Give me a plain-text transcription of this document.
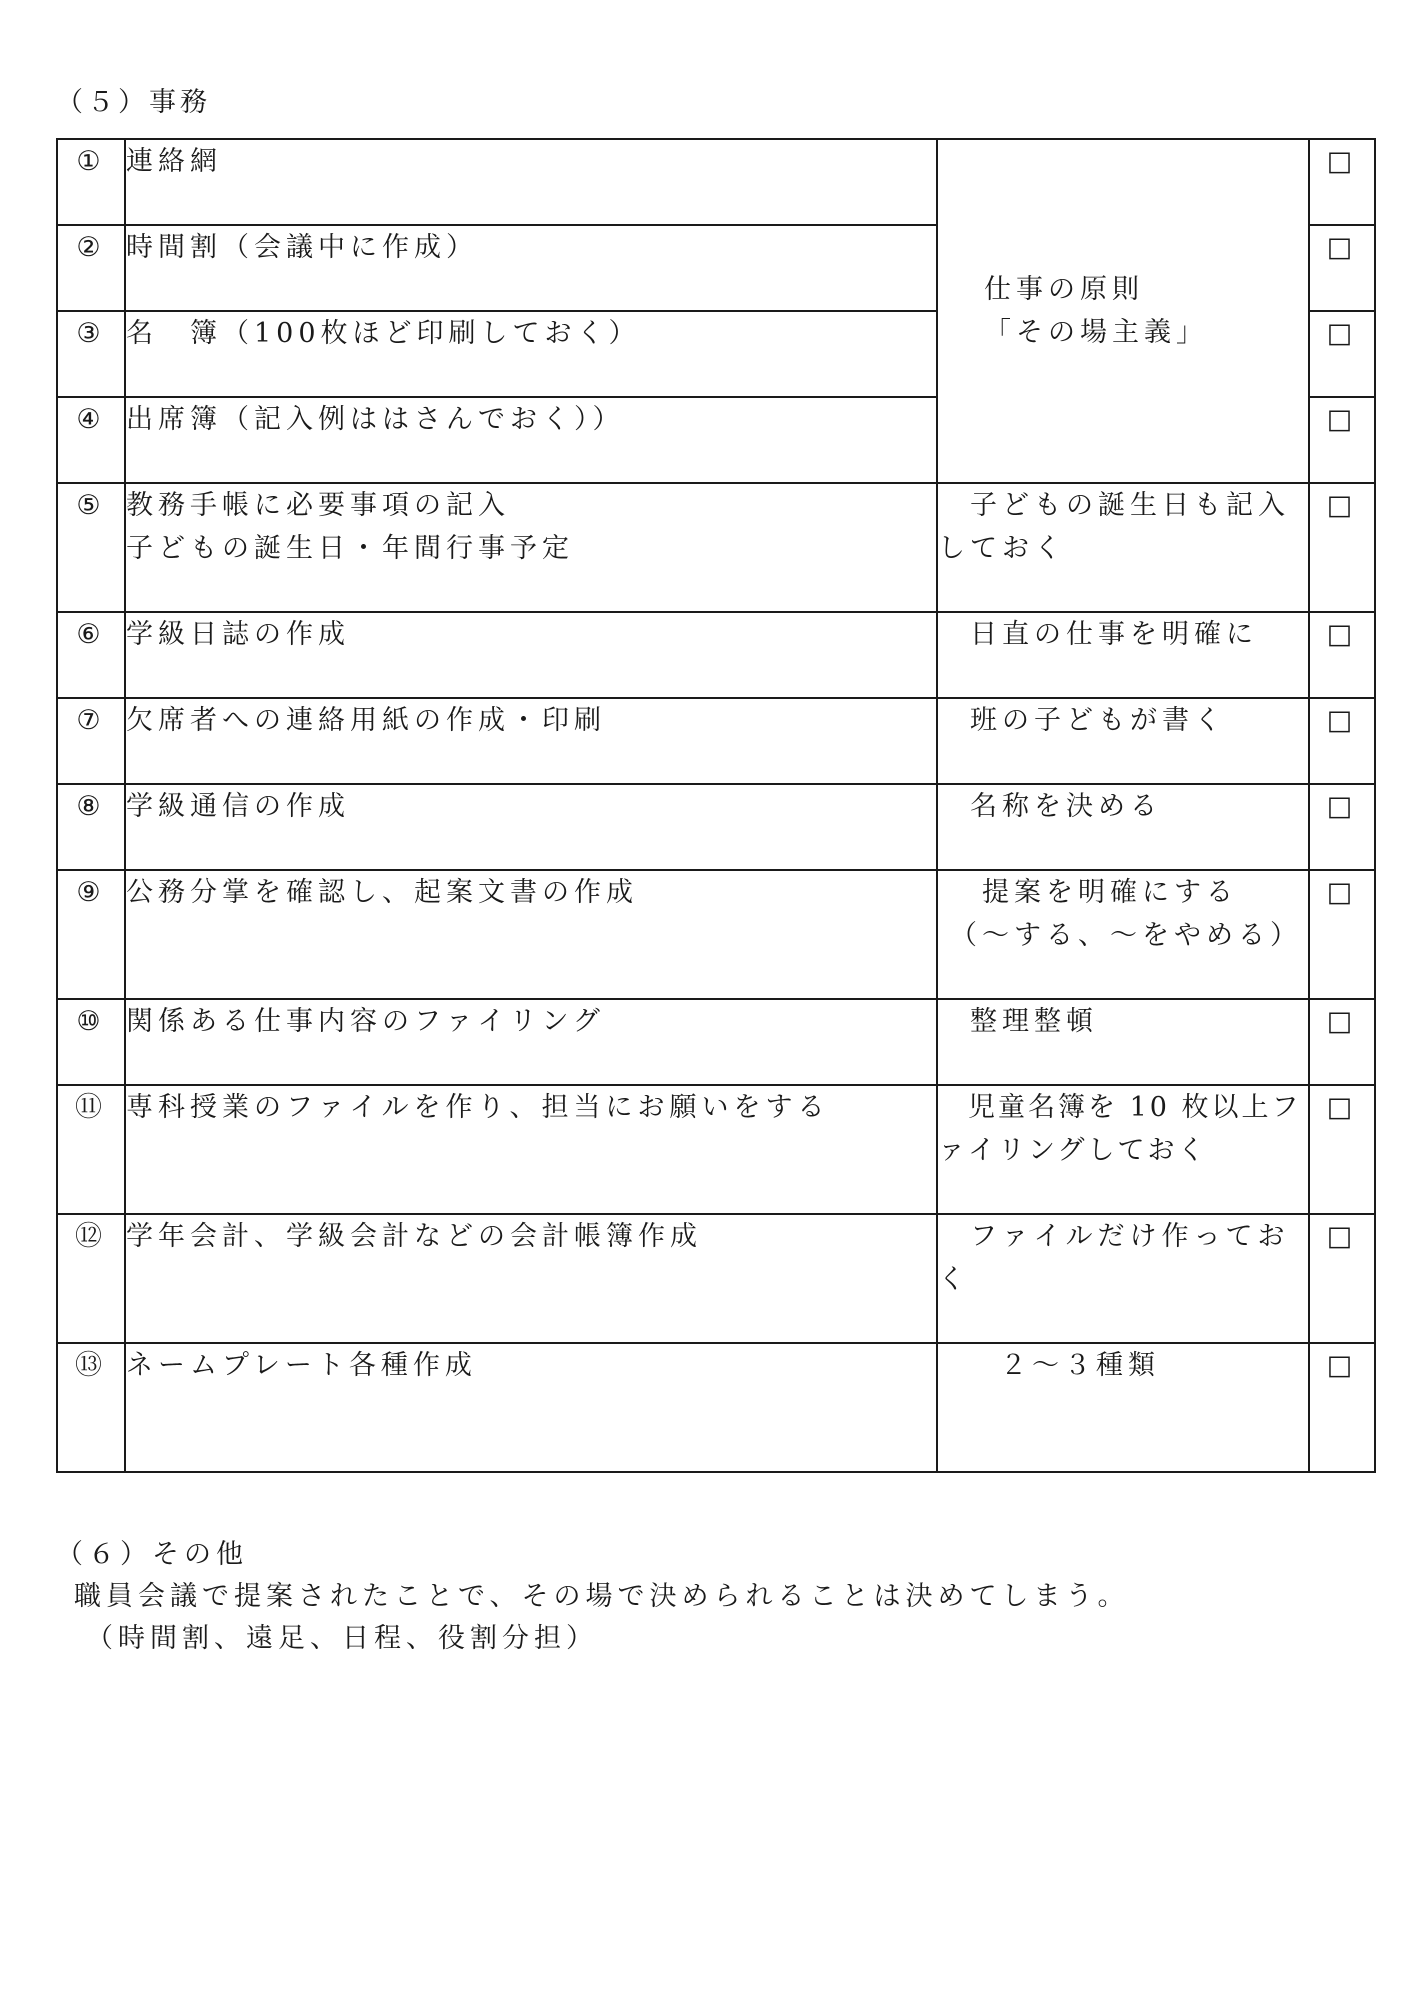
（５）事務
①	連絡網	仕事の原則
「その場主義」	□
②	時間割（会議中に作成）		□
③	名　簿（100枚ほど印刷しておく）		□
④	出席簿（記入例ははさんでおく））		□
⑤	教務手帳に必要事項の記入
子どもの誕生日・年間行事予定	　子どもの誕生日も記入しておく	□
⑥	学級日誌の作成	　日直の仕事を明確に	□
⑦	欠席者への連絡用紙の作成・印刷	　班の子どもが書く	□
⑧	学級通信の作成	　名称を決める	□
⑨	公務分掌を確認し、起案文書の作成	　提案を明確にする
（～する、～をやめる）	□
⑩	関係ある仕事内容のファイリング	整理整頓	□
⑪	専科授業のファイルを作り、担当にお願いをする	　児童名簿を 10 枚以上ファイリングしておく	□
⑫	学年会計、学級会計などの会計帳簿作成	　ファイルだけ作っておく	□
⑬	ネームプレート各種作成	　２～３種類	□
（６）その他
職員会議で提案されたことで、その場で決められることは決めてしまう。
（時間割、遠足、日程、役割分担）
